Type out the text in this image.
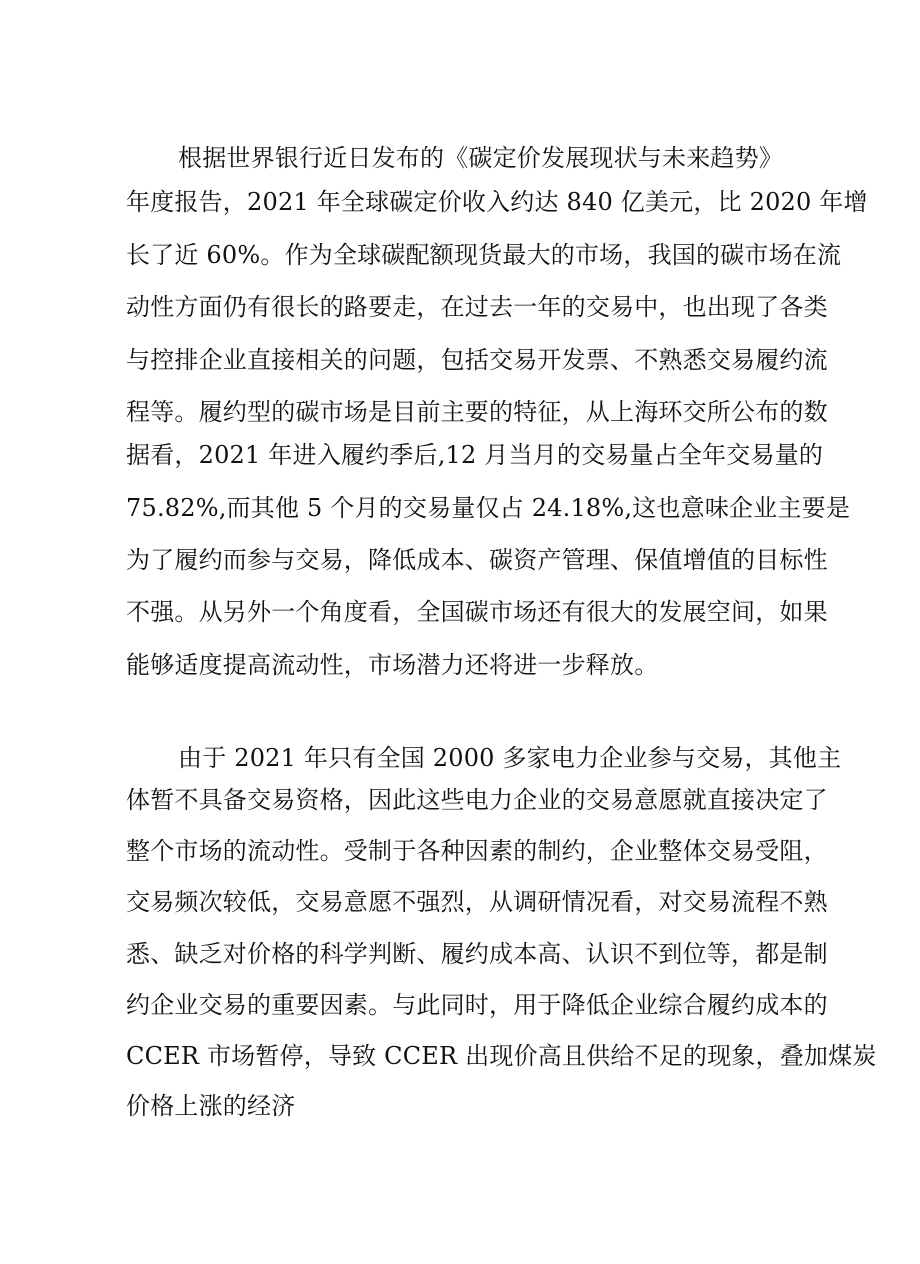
根据世界银行近日发布的《碳定价发展现状与未来趋势》
年度报告，2021 年全球碳定价收入约达 840 亿美元，比 2020 年增
长了近 60%。作为全球碳配额现货最大的市场，我国的碳市场在流
动性方面仍有很长的路要走，在过去一年的交易中，也出现了各类
与控排企业直接相关的问题，包括交易开发票、不熟悉交易履约流
程等。履约型的碳市场是目前主要的特征，从上海环交所公布的数
据看，2021 年进入履约季后,12 月当月的交易量占全年交易量的
75.82%,而其他 5 个月的交易量仅占 24.18%,这也意味企业主要是
为了履约而参与交易，降低成本、碳资产管理、保值增值的目标性
不强。从另外一个角度看，全国碳市场还有很大的发展空间，如果
能够适度提高流动性，市场潜力还将进一步释放。
由于 2021 年只有全国 2000 多家电力企业参与交易，其他主
体暂不具备交易资格，因此这些电力企业的交易意愿就直接决定了
整个市场的流动性。受制于各种因素的制约，企业整体交易受阻，
交易频次较低，交易意愿不强烈，从调研情况看，对交易流程不熟
悉、缺乏对价格的科学判断、履约成本高、认识不到位等，都是制
约企业交易的重要因素。与此同时，用于降低企业综合履约成本的
CCER 市场暂停，导致 CCER 出现价高且供给不足的现象，叠加煤炭
价格上涨的经济
